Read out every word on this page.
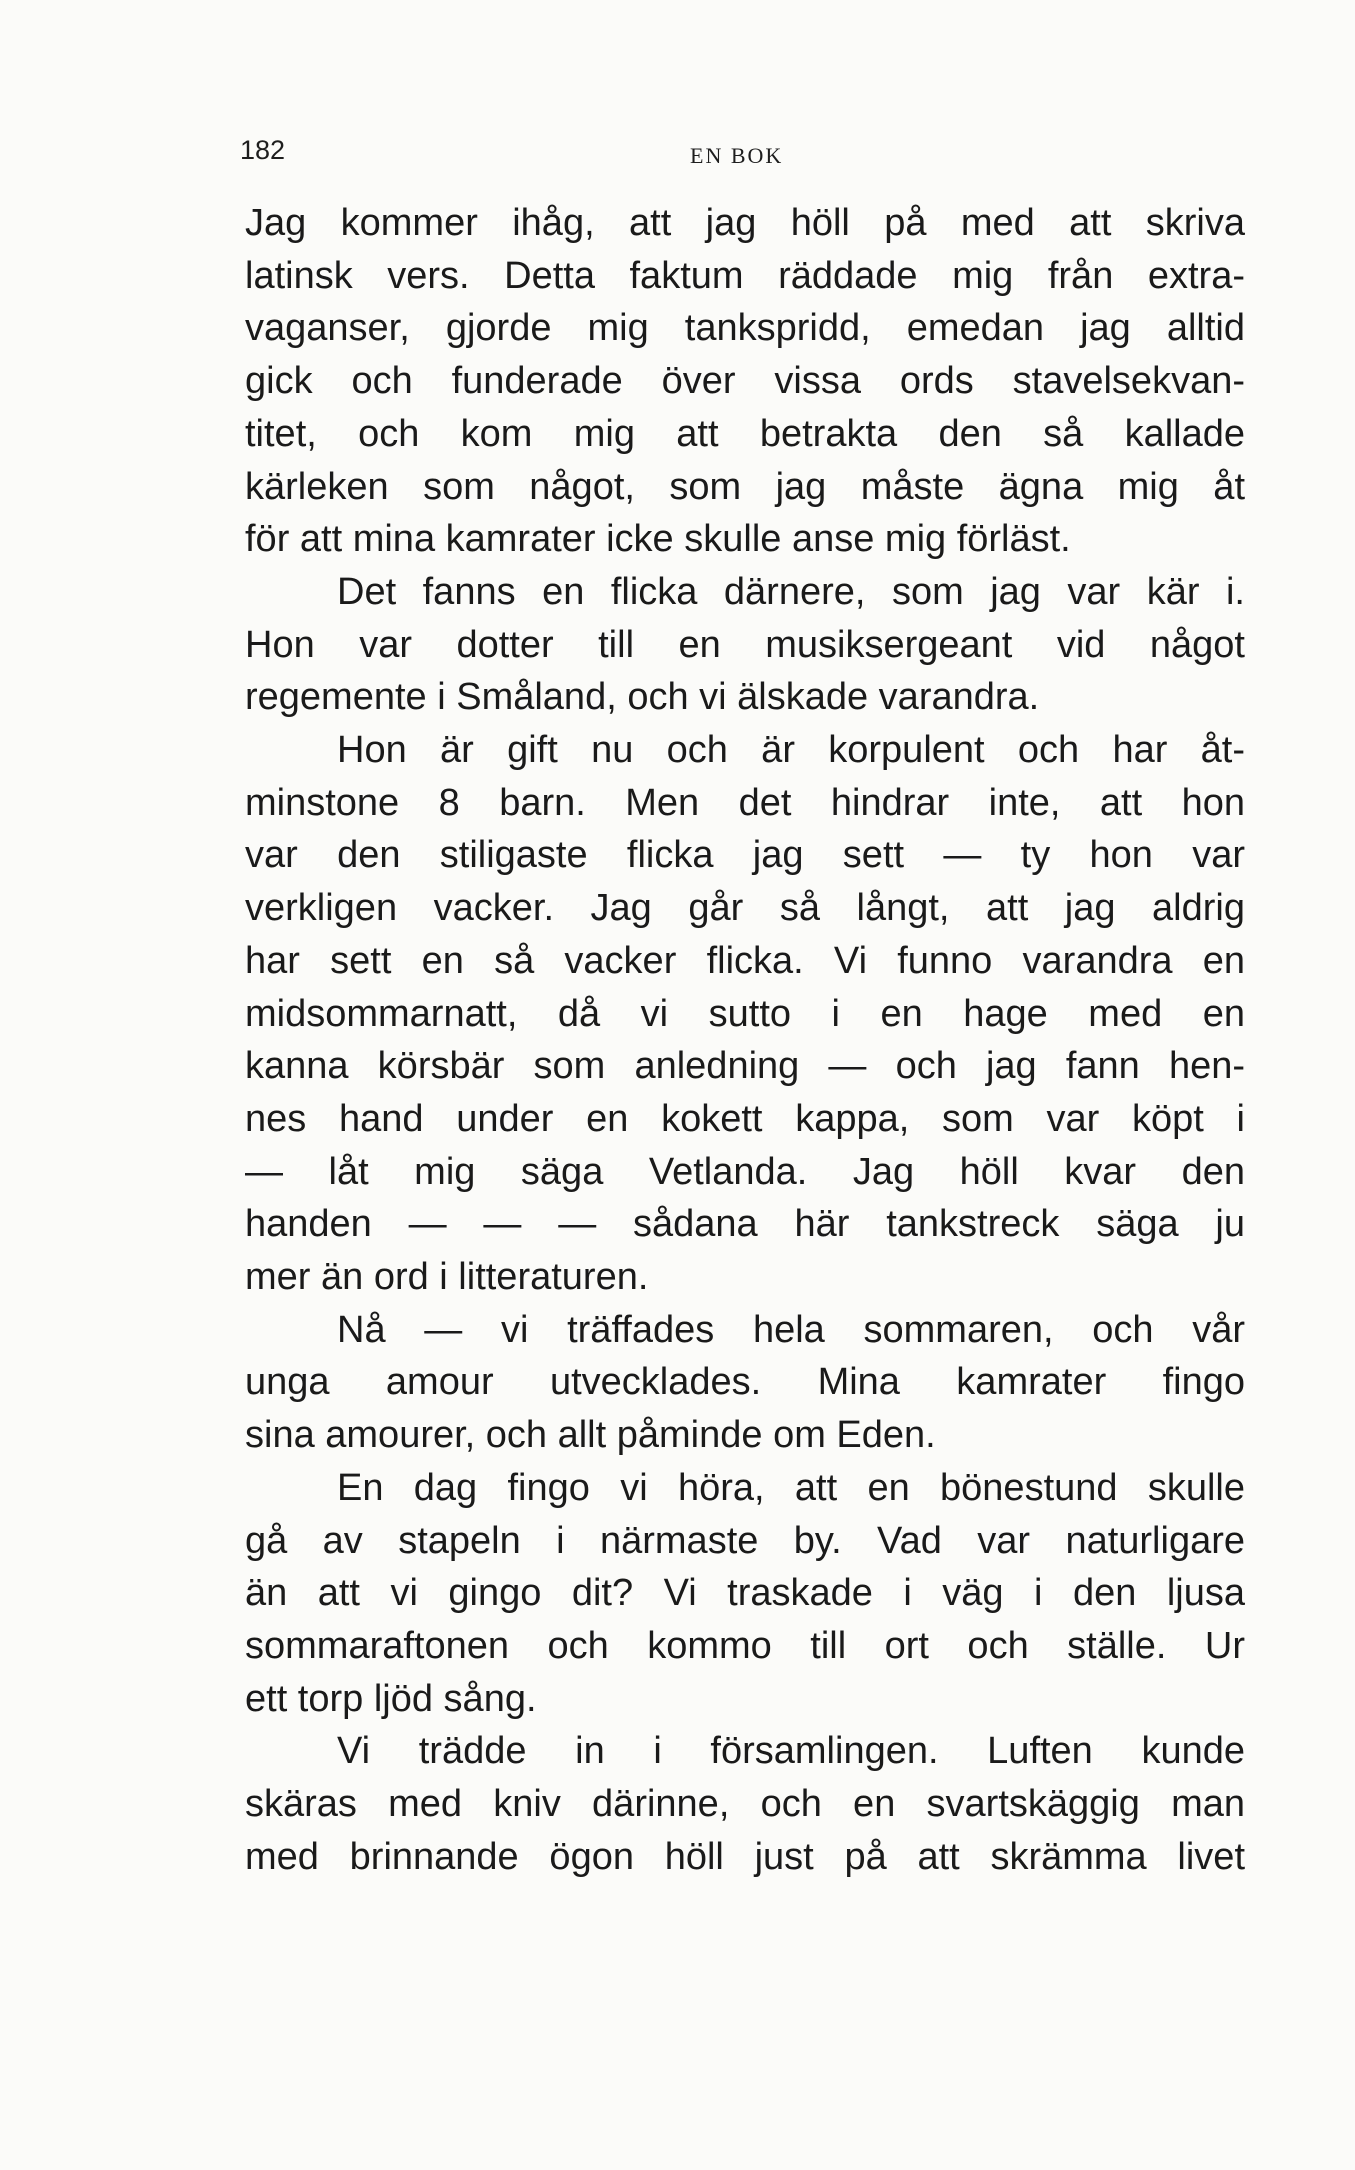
182	EN BOK
Jag kommer ihåg, att jag höll på med att skriva
latinsk vers. Detta faktum räddade mig från extra-
vaganser, gjorde mig tankspridd, emedan jag alltid
gick och funderade över vissa ords stavelsekvan-
titet, och kom mig att betrakta den så kallade
kärleken som något, som jag måste ägna mig åt
för att mina kamrater icke skulle anse mig förläst.
Det fanns en flicka därnere, som jag var kär i.
Hon var dotter till en musiksergeant vid något
regemente i Småland, och vi älskade varandra.
Hon är gift nu och är korpulent och har åt-
minstone 8 barn. Men det hindrar inte, att hon
var den stiligaste flicka jag sett — ty hon var
verkligen vacker. Jag går så långt, att jag aldrig
har sett en så vacker flicka. Vi funno varandra en
midsommarnatt, då vi sutto i en hage med en
kanna körsbär som anledning — och jag fann hen-
nes hand under en kokett kappa, som var köpt i
— låt mig säga Vetlanda. Jag höll kvar den
handen — — — sådana här tankstreck säga ju
mer än ord i litteraturen.
Nå — vi träffades hela sommaren, och vår
unga amour utvecklades. Mina kamrater fingo
sina amourer, och allt påminde om Eden.
En dag fingo vi höra, att en bönestund skulle
gå av stapeln i närmaste by. Vad var naturligare
än att vi gingo dit? Vi traskade i väg i den ljusa
sommaraftonen och kommo till ort och ställe. Ur
ett torp ljöd sång.
Vi trädde in i församlingen. Luften kunde
skäras med kniv därinne, och en svartskäggig man
med brinnande ögon höll just på att skrämma livet
